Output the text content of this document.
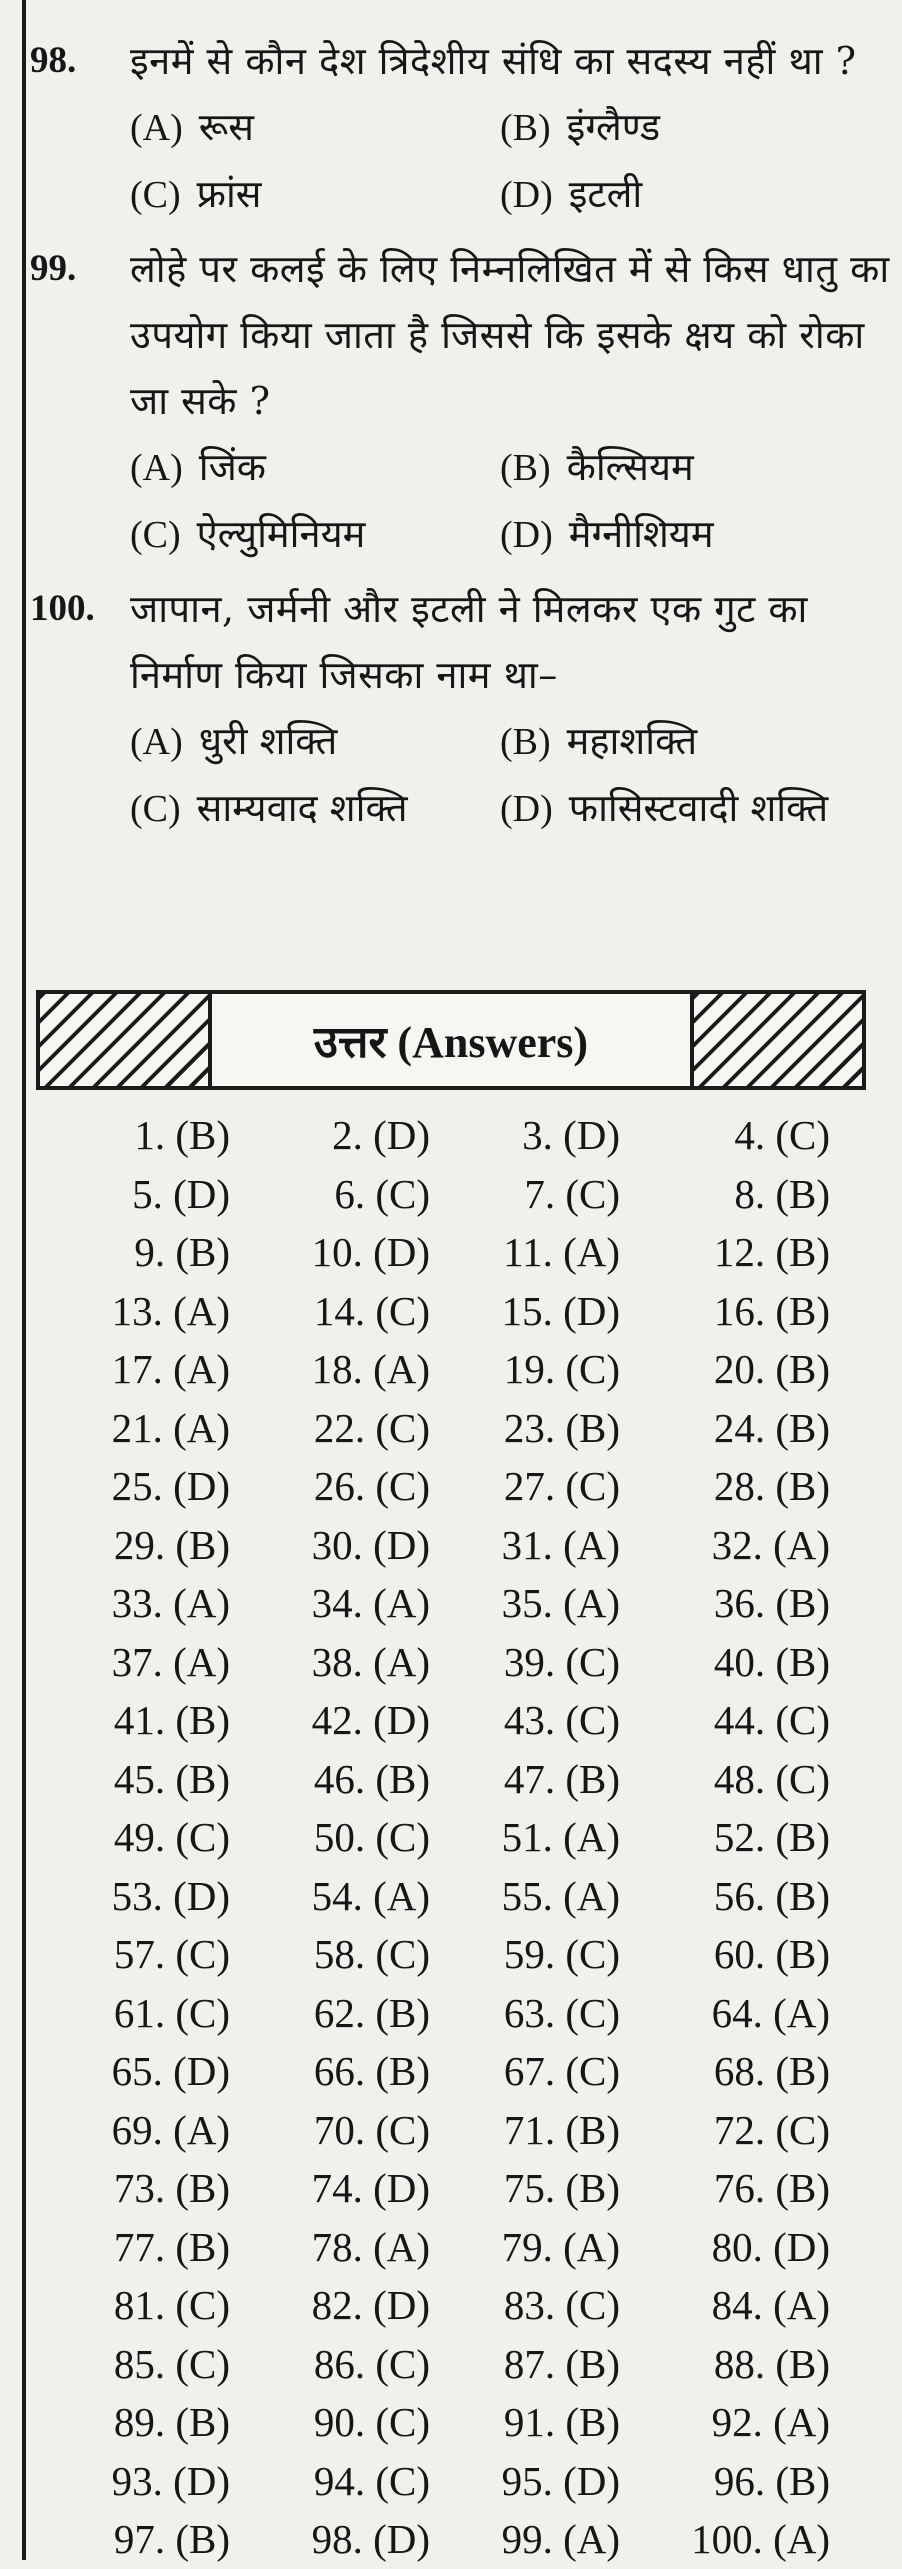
98. इनमें से कौन देश त्रिदेशीय संधि का सदस्य नहीं था ?
(A) रूस	(B) इंग्लैण्ड
(C) फ्रांस	(D) इटली
99. लोहे पर कलई के लिए निम्नलिखित में से किस धातु का उपयोग किया जाता है जिससे कि इसके क्षय को रोका जा सके ?
(A) जिंक	(B) कैल्सियम
(C) ऐल्युमिनियम	(D) मैग्नीशियम
100. जापान, जर्मनी और इटली ने मिलकर एक गुट का निर्माण किया जिसका नाम था–
(A) धुरी शक्ति	(B) महाशक्ति
(C) साम्यवाद शक्ति	(D) फासिस्टवादी शक्ति
उत्तर (Answers)
1. (B)	2. (D)	3. (D)	4. (C)
5. (D)	6. (C)	7. (C)	8. (B)
9. (B)	10. (D)	11. (A)	12. (B)
13. (A)	14. (C)	15. (D)	16. (B)
17. (A)	18. (A)	19. (C)	20. (B)
21. (A)	22. (C)	23. (B)	24. (B)
25. (D)	26. (C)	27. (C)	28. (B)
29. (B)	30. (D)	31. (A)	32. (A)
33. (A)	34. (A)	35. (A)	36. (B)
37. (A)	38. (A)	39. (C)	40. (B)
41. (B)	42. (D)	43. (C)	44. (C)
45. (B)	46. (B)	47. (B)	48. (C)
49. (C)	50. (C)	51. (A)	52. (B)
53. (D)	54. (A)	55. (A)	56. (B)
57. (C)	58. (C)	59. (C)	60. (B)
61. (C)	62. (B)	63. (C)	64. (A)
65. (D)	66. (B)	67. (C)	68. (B)
69. (A)	70. (C)	71. (B)	72. (C)
73. (B)	74. (D)	75. (B)	76. (B)
77. (B)	78. (A)	79. (A)	80. (D)
81. (C)	82. (D)	83. (C)	84. (A)
85. (C)	86. (C)	87. (B)	88. (B)
89. (B)	90. (C)	91. (B)	92. (A)
93. (D)	94. (C)	95. (D)	96. (B)
97. (B)	98. (D)	99. (A)	100. (A)
